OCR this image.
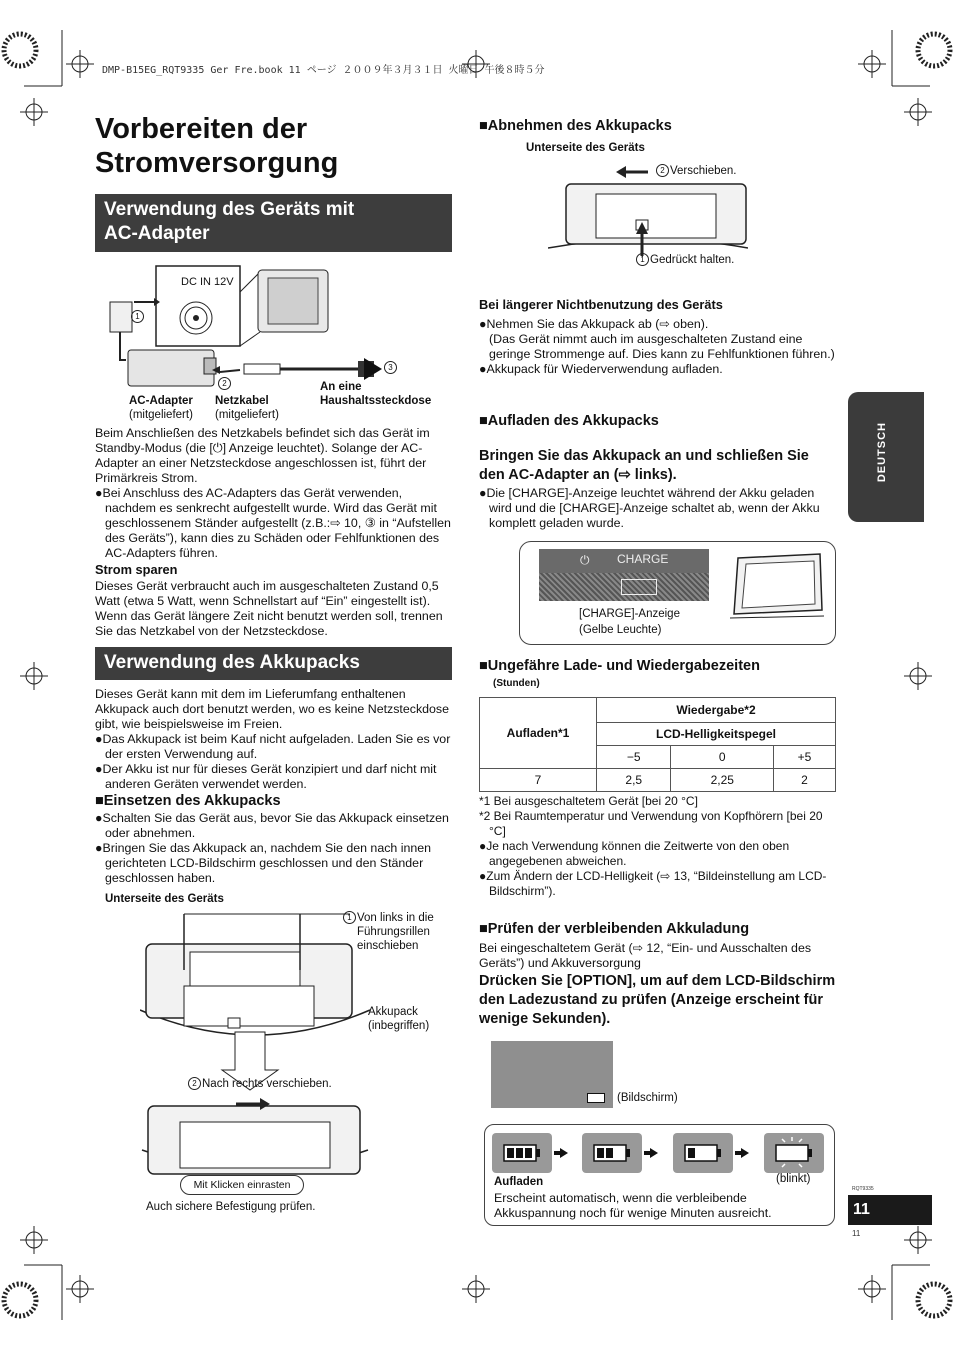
DMP-B15EG_RQT9335 Ger Fre.book 11 ページ ２００９年３月３１日 火曜日 午後８時５分
Vorbereiten der
Stromversorgung
Verwendung des Geräts mit
AC-Adapter
DC IN 12V
1
2
3
AC-Adapter
(mitgeliefert)
Netzkabel
(mitgeliefert)
An eine
Haushaltssteckdose

Beim Anschließen des Netzkabels befindet sich das Gerät im Standby-Modus (die [⏻] Anzeige leuchtet). Solange der AC-Adapter an einer Netzsteckdose angeschlossen ist, führt der Primärkreis Strom.

●Bei Anschluss des AC-Adapters das Gerät verwenden, nachdem es senkrecht aufgestellt wurde. Wird das Gerät mit geschlossenem Ständer aufgestellt (z.B.:⇨ 10, ③ in “Aufstellen des Geräts”), kann dies zu Schäden oder Fehlfunktionen des AC-Adapters führen.

Strom sparen
Dieses Gerät verbraucht auch im ausgeschalteten Zustand 0,5 Watt (etwa 5 Watt, wenn Schnellstart auf “Ein” eingestellt ist). Wenn das Gerät längere Zeit nicht benutzt werden soll, trennen Sie das Netzkabel von der Netzsteckdose.
Verwendung des Akkupacks

Dieses Gerät kann mit dem im Lieferumfang enthaltenen Akkupack auch dort benutzt werden, wo es keine Netzsteckdose gibt, wie beispielsweise im Freien.

●Das Akkupack ist beim Kauf nicht aufgeladen. Laden Sie es vor der ersten Verwendung auf.

●Der Akku ist nur für dieses Gerät konzipiert und darf nicht mit anderen Geräten verwendet werden.

■Einsetzen des Akkupacks

●Schalten Sie das Gerät aus, bevor Sie das Akkupack einsetzen oder abnehmen.

●Bringen Sie das Akkupack an, nachdem Sie den nach innen gerichteten LCD-Bildschirm geschlossen und den Ständer geschlossen haben.

Unterseite des Geräts
1 Von links in die
Führungsrillen
einschieben
Akkupack
(inbegriffen)
2 Nach rechts verschieben.
Mit Klicken einrasten
Auch sichere Befestigung prüfen.
■Abnehmen des Akkupacks
Unterseite des Geräts
2 Verschieben.
1 Gedrückt halten.
Bei längerer Nichtbenutzung des Geräts

●Nehmen Sie das Akkupack ab (⇨ oben).

(Das Gerät nimmt auch im ausgeschalteten Zustand eine geringe Strommenge auf. Dies kann zu Fehlfunktionen führen.)

●Akkupack für Wiederverwendung aufladen.

■Aufladen des Akkupacks
Bringen Sie das Akkupack an und schließen Sie den AC-Adapter an (⇨ links).

●Die [CHARGE]-Anzeige leuchtet während der Akku geladen wird und die [CHARGE]-Anzeige schaltet ab, wenn der Akku komplett geladen wurde.

⏻ CHARGE
[CHARGE]-Anzeige
(Gelbe Leuchte)
■Ungefähre Lade- und Wiedergabezeiten
(Stunden)
Aufladen*1	Wiedergabe*2		
	LCD-Helligkeitspegel		
	−5	0	+5
7	2,5	2,25	2

*1 Bei ausgeschaltetem Gerät [bei 20 °C]

*2 Bei Raumtemperatur und Verwendung von Kopfhörern [bei 20 °C]

●Je nach Verwendung können die Zeitwerte von den oben angegebenen abweichen.

●Zum Ändern der LCD-Helligkeit (⇨ 13, “Bildeinstellung am LCD-Bildschirm”).

■Prüfen der verbleibenden Akkuladung
Bei eingeschaltetem Gerät (⇨ 12, “Ein- und Ausschalten des Geräts”) und Akkuversorgung
Drücken Sie [OPTION], um auf dem LCD-Bildschirm den Ladezustand zu prüfen (Anzeige erscheint für wenige Sekunden).
(Bildschirm)
Aufladen	(blinkt)
Erscheint automatisch, wenn die verbleibende Akkuspannung noch für wenige Minuten ausreicht.
DEUTSCH
RQT9335
11
11
